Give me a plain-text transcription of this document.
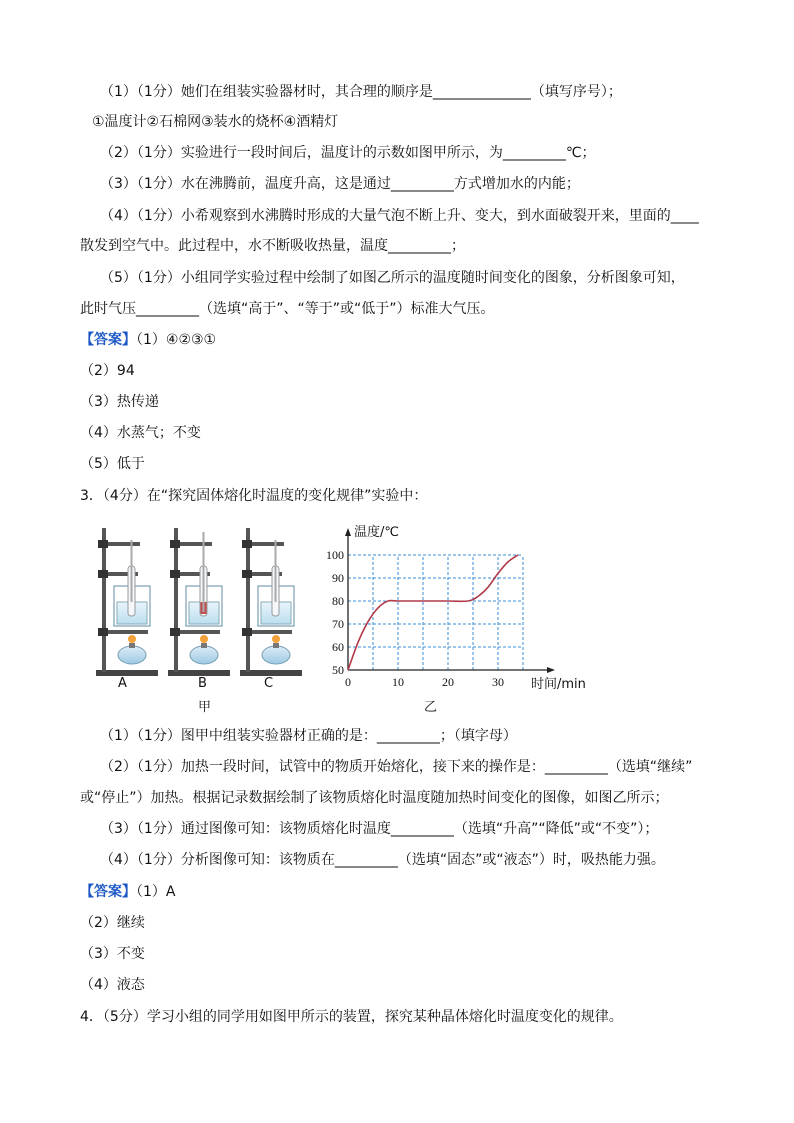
（1）（1分）她们在组装实验器材时，其合理的顺序是______________（填写序号）；
①温度计②石棉网③装水的烧杯④酒精灯
（2）（1分）实验进行一段时间后，温度计的示数如图甲所示，为_________℃；
（3）（1分）水在沸腾前，温度升高，这是通过_________方式增加水的内能；
（4）（1分）小希观察到水沸腾时形成的大量气泡不断上升、变大，到水面破裂开来，里面的____
散发到空气中。此过程中，水不断吸收热量，温度_________；
（5）（1分）小组同学实验过程中绘制了如图乙所示的温度随时间变化的图象，分析图象可知，
此时气压_________（选填“高于”、“等于”或“低于”）标准大气压。
【答案】（1）④②③①
（2）94
（3）热传递
（4）水蒸气；不变
（5）低于
3．（4分）在“探究固体熔化时温度的变化规律”实验中：
A	B	C
甲
50
60
70
80
90
100
0	10	20	30
温度/℃
时间/min
乙
（1）（1分）图甲中组装实验器材正确的是：_________；（填字母）
（2）（1分）加热一段时间，试管中的物质开始熔化，接下来的操作是：_________（选填“继续”
或“停止”）加热。根据记录数据绘制了该物质熔化时温度随加热时间变化的图像，如图乙所示；
（3）（1分）通过图像可知：该物质熔化时温度_________（选填“升高”“降低”或“不变”）；
（4）（1分）分析图像可知：该物质在_________（选填“固态”或“液态”）时，吸热能力强。
【答案】（1）A
（2）继续
（3）不变
（4）液态
4．（5分）学习小组的同学用如图甲所示的装置，探究某种晶体熔化时温度变化的规律。
